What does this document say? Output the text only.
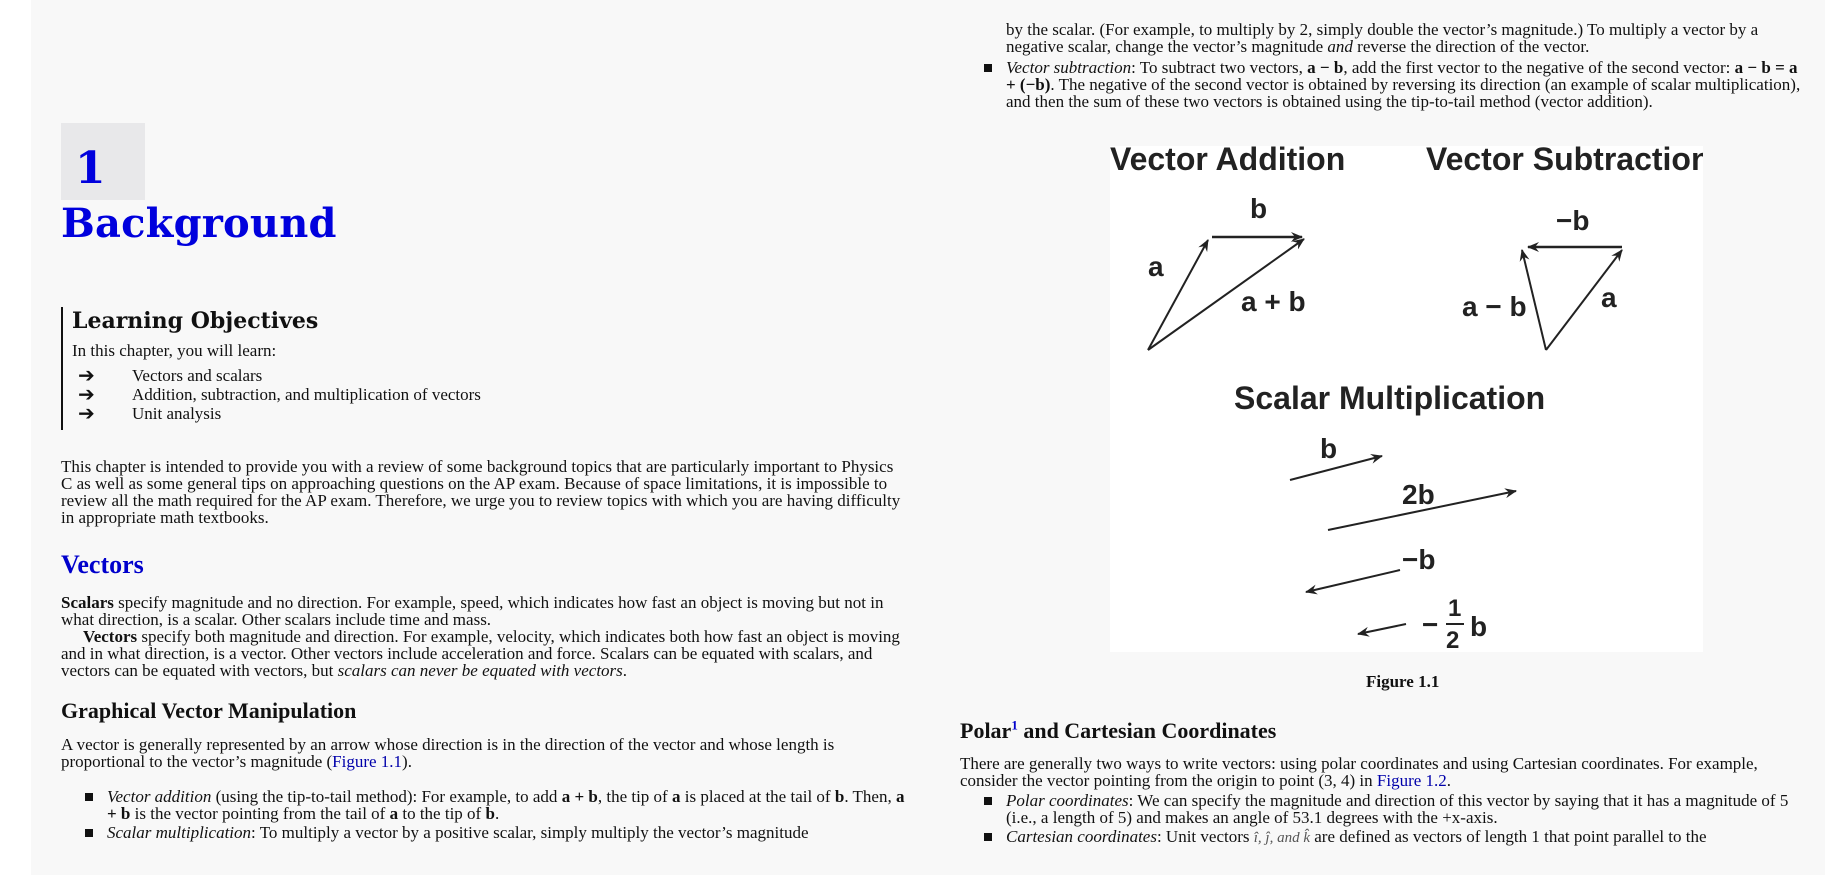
1
Background
Learning Objectives
In this chapter, you will learn:
➔	Vectors and scalars
➔	Addition, subtraction, and multiplication of vectors
➔	Unit analysis
This chapter is intended to provide you with a review of some background topics that are particularly important to Physics C as well as some general tips on approaching questions on the AP exam. Because of space limitations, it is impossible to review all the math required for the AP exam. Therefore, we urge you to review topics with which you are having difficulty in appropriate math textbooks.
Vectors
Scalars specify magnitude and no direction. For example, speed, which indicates how fast an object is moving but not in what direction, is a scalar. Other scalars include time and mass.
Vectors specify both magnitude and direction. For example, velocity, which indicates both how fast an object is moving and in what direction, is a vector. Other vectors include acceleration and force. Scalars can be equated with scalars, and vectors can be equated with vectors, but scalars can never be equated with vectors.
Graphical Vector Manipulation
A vector is generally represented by an arrow whose direction is in the direction of the vector and whose length is proportional to the vector’s magnitude (Figure 1.1).
Vector addition (using the tip-to-tail method): For example, to add a + b, the tip of a is placed at the tail of b. Then, a + b is the vector pointing from the tail of a to the tip of b.
Scalar multiplication: To multiply a vector by a positive scalar, simply multiply the vector’s magnitude
by the scalar. (For example, to multiply by 2, simply double the vector’s magnitude.) To multiply a vector by a negative scalar, change the vector’s magnitude and reverse the direction of the vector.
Vector subtraction: To subtract two vectors, a − b, add the first vector to the negative of the second vector: a − b = a + (−b). The negative of the second vector is obtained by reversing its direction (an example of scalar multiplication), and then the sum of these two vectors is obtained using the tip-to-tail method (vector addition).
Vector Addition	Vector Subtraction
Scalar Multiplication
a
b
a + b
−b
a − b	a
b
2b
−b
−
1
2 b
Figure 1.1
Polar$^1$ and Cartesian Coordinates
There are generally two ways to write vectors: using polar coordinates and using Cartesian coordinates. For example, consider the vector pointing from the origin to point (3, 4) in Figure 1.2.
Polar coordinates: We can specify the magnitude and direction of this vector by saying that it has a magnitude of 5 (i.e., a length of 5) and makes an angle of 53.1 degrees with the +x-axis.
Cartesian coordinates: Unit vectors î, ĵ, and k̂ are defined as vectors of length 1 that point parallel to the
